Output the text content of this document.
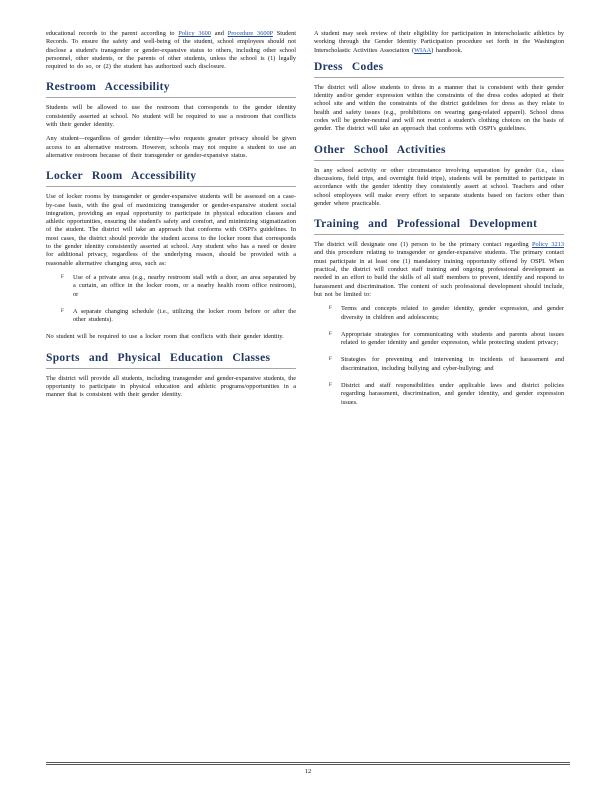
educational records to the parent according to Policy 3600 and Procedure 3600P Student Records. To ensure the safety and well-being of the student, school employees should not disclose a student's transgender or gender-expansive status to others, including other school personnel, other students, or the parents of other students, unless the school is (1) legally required to do so, or (2) the student has authorized such disclosure.

Restroom Accessibility

Students will be allowed to use the restroom that corresponds to the gender identity consistently asserted at school. No student will be required to use a restroom that conflicts with their gender identity.

Any student—regardless of gender identity—who requests greater privacy should be given access to an alternative restroom. However, schools may not require a student to use an alternative restroom because of their transgender or gender-expansive status.

Locker Room Accessibility

Use of locker rooms by transgender or gender-expansive students will be assessed on a case-by-case basis, with the goal of maximizing transgender or gender-expansive student social integration, providing an equal opportunity to participate in physical education classes and athletic opportunities, ensuring the student's safety and comfort, and minimizing stigmatization of the student. The district will take an approach that conforms with OSPI's guidelines. In most cases, the district should provide the student access to the locker room that corresponds to the gender identity consistently asserted at school. Any student who has a need or desire for additional privacy, regardless of the underlying reason, should be provided with a reasonable alternative changing area, such as:

F Use of a private area (e.g., nearby restroom stall with a door, an area separated by a curtain, an office in the locker room, or a nearby health room office restroom), or
F A separate changing schedule (i.e., utilizing the locker room before or after the other students).

No student will be required to use a locker room that conflicts with their gender identity.

Sports and Physical Education Classes

The district will provide all students, including transgender and gender-expansive students, the opportunity to participate in physical education and athletic programs/opportunities in a manner that is consistent with their gender identity.

A student may seek review of their eligibility for participation in interscholastic athletics by working through the Gender Identity Participation procedure set forth in the Washington Interscholastic Activities Association (WIAA) handbook.

Dress Codes

The district will allow students to dress in a manner that is consistent with their gender identity and/or gender expression within the constraints of the dress codes adopted at their school site and within the constraints of the district guidelines for dress as they relate to health and safety issues (e.g., prohibitions on wearing gang-related apparel). School dress codes will be gender-neutral and will not restrict a student's clothing choices on the basis of gender. The district will take an approach that conforms with OSPI's guidelines.

Other School Activities

In any school activity or other circumstance involving separation by gender (i.e., class discussions, field trips, and overnight field trips), students will be permitted to participate in accordance with the gender identity they consistently assert at school. Teachers and other school employees will make every effort to separate students based on factors other than gender where practicable.

Training and Professional Development

The district will designate one (1) person to be the primary contact regarding Policy 3213 and this procedure relating to transgender or gender-expansive students. The primary contact must participate in at least one (1) mandatory training opportunity offered by OSPI. When practical, the district will conduct staff training and ongoing professional development as needed in an effort to build the skills of all staff members to prevent, identify and respond to harassment and discrimination. The content of such professional development should include, but not be limited to:

F Terms and concepts related to gender identity, gender expression, and gender diversity in children and adolescents;
F Appropriate strategies for communicating with students and parents about issues related to gender identity and gender expression, while protecting student privacy;
F Strategies for preventing and intervening in incidents of harassment and discrimination, including bullying and cyber-bullying; and
F District and staff responsibilities under applicable laws and district policies regarding harassment, discrimination, and gender identity, and gender expression issues.
12
